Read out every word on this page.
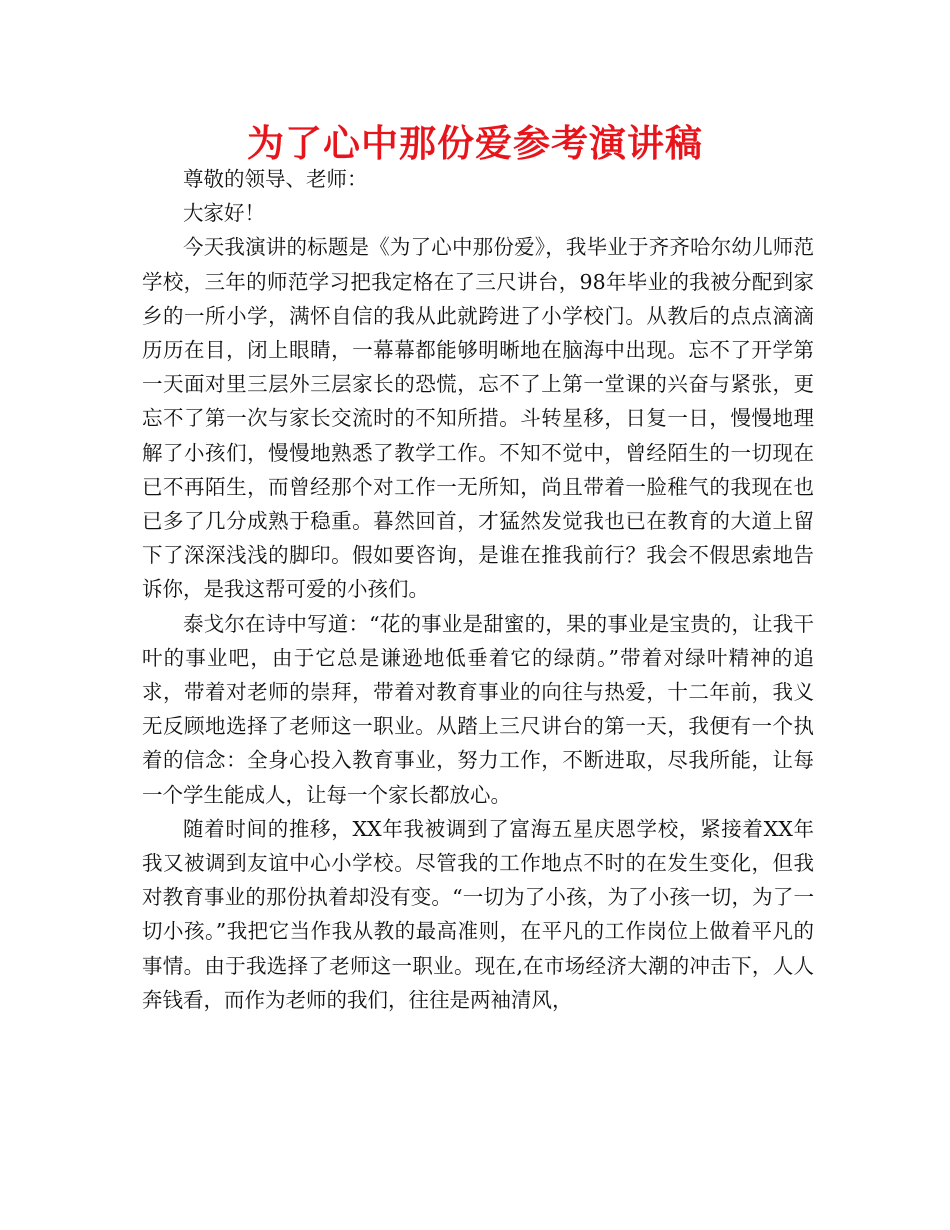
为了心中那份爱参考演讲稿

尊敬的领导、老师：

大家好！

今天我演讲的标题是《为了心中那份爱》，我毕业于齐齐哈尔幼儿师范学校，三年的师范学习把我定格在了三尺讲台，98年毕业的我被分配到家乡的一所小学，满怀自信的我从此就跨进了小学校门。从教后的点点滴滴历历在目，闭上眼睛，一幕幕都能够明晰地在脑海中出现。忘不了开学第一天面对里三层外三层家长的恐慌，忘不了上第一堂课的兴奋与紧张，更忘不了第一次与家长交流时的不知所措。斗转星移，日复一日，慢慢地理解了小孩们，慢慢地熟悉了教学工作。不知不觉中，曾经陌生的一切现在已不再陌生，而曾经那个对工作一无所知，尚且带着一脸稚气的我现在也已多了几分成熟于稳重。暮然回首，才猛然发觉我也已在教育的大道上留下了深深浅浅的脚印。假如要咨询，是谁在推我前行？我会不假思索地告诉你，是我这帮可爱的小孩们。

泰戈尔在诗中写道：“花的事业是甜蜜的，果的事业是宝贵的，让我干叶的事业吧，由于它总是谦逊地低垂着它的绿荫。”带着对绿叶精神的追求，带着对老师的崇拜，带着对教育事业的向往与热爱，十二年前，我义无反顾地选择了老师这一职业。从踏上三尺讲台的第一天，我便有一个执着的信念：全身心投入教育事业，努力工作，不断进取，尽我所能，让每一个学生能成人，让每一个家长都放心。

随着时间的推移，XX年我被调到了富海五星庆恩学校，紧接着XX年我又被调到友谊中心小学校。尽管我的工作地点不时的在发生变化，但我对教育事业的那份执着却没有变。“一切为了小孩，为了小孩一切，为了一切小孩。”我把它当作我从教的最高准则，在平凡的工作岗位上做着平凡的事情。由于我选择了老师这一职业。现在,在市场经济大潮的冲击下，人人奔钱看，而作为老师的我们，往往是两袖清风，
